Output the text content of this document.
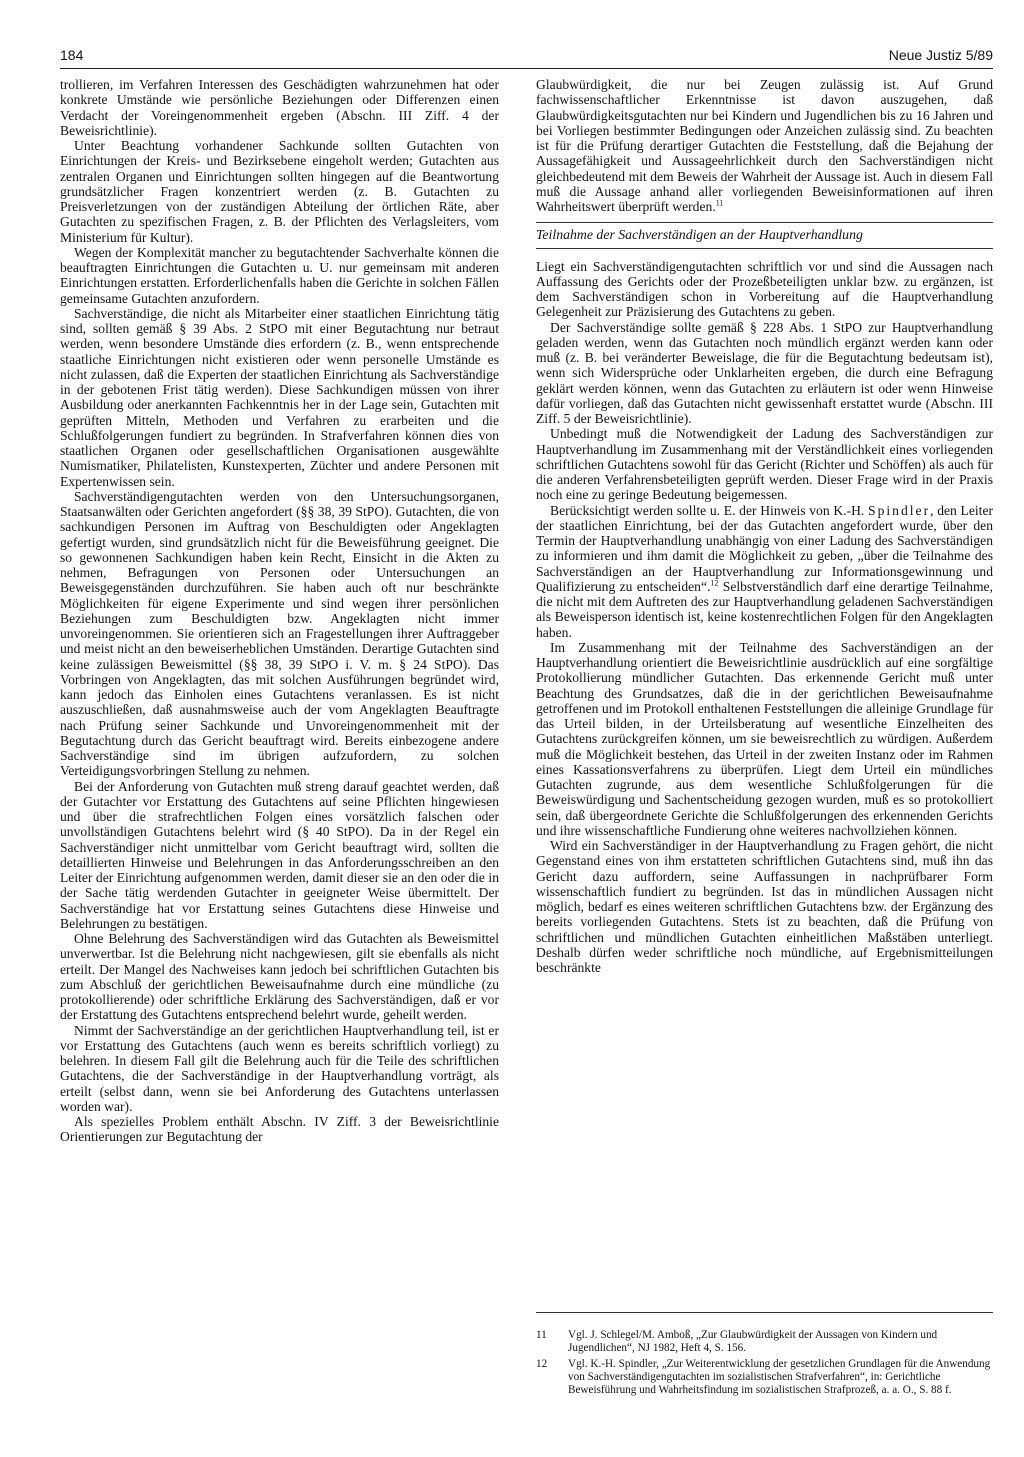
184	Neue Justiz 5/89

trollieren, im Verfahren Interessen des Geschädigten wahrzunehmen hat oder konkrete Umstände wie persönliche Beziehungen oder Differenzen einen Verdacht der Voreingenommenheit ergeben (Abschn. III Ziff. 4 der Beweisrichtlinie).

Unter Beachtung vorhandener Sachkunde sollten Gutachten von Einrichtungen der Kreis- und Bezirksebene eingeholt werden; Gutachten aus zentralen Organen und Einrichtungen sollten hingegen auf die Beantwortung grundsätzlicher Fragen konzentriert werden (z. B. Gutachten zu Preisverletzungen von der zuständigen Abteilung der örtlichen Räte, aber Gutachten zu spezifischen Fragen, z. B. der Pflichten des Verlagsleiters, vom Ministerium für Kultur).

Wegen der Komplexität mancher zu begutachtender Sachverhalte können die beauftragten Einrichtungen die Gutachten u. U. nur gemeinsam mit anderen Einrichtungen erstatten. Erforderlichenfalls haben die Gerichte in solchen Fällen gemeinsame Gutachten anzufordern.

Sachverständige, die nicht als Mitarbeiter einer staatlichen Einrichtung tätig sind, sollten gemäß § 39 Abs. 2 StPO mit einer Begutachtung nur betraut werden, wenn besondere Umstände dies erfordern (z. B., wenn entsprechende staatliche Einrichtungen nicht existieren oder wenn personelle Umstände es nicht zulassen, daß die Experten der staatlichen Einrichtung als Sachverständige in der gebotenen Frist tätig werden). Diese Sachkundigen müssen von ihrer Ausbildung oder anerkannten Fachkenntnis her in der Lage sein, Gutachten mit geprüften Mitteln, Methoden und Verfahren zu erarbeiten und die Schlußfolgerungen fundiert zu begründen. In Strafverfahren können dies von staatlichen Organen oder gesellschaftlichen Organisationen ausgewählte Numismatiker, Philatelisten, Kunstexperten, Züchter und andere Personen mit Expertenwissen sein.

Sachverständigengutachten werden von den Untersuchungsorganen, Staatsanwälten oder Gerichten angefordert (§§ 38, 39 StPO). Gutachten, die von sachkundigen Personen im Auftrag von Beschuldigten oder Angeklagten gefertigt wurden, sind grundsätzlich nicht für die Beweisführung geeignet. Die so gewonnenen Sachkundigen haben kein Recht, Einsicht in die Akten zu nehmen, Befragungen von Personen oder Untersuchungen an Beweisgegenständen durchzuführen. Sie haben auch oft nur beschränkte Möglichkeiten für eigene Experimente und sind wegen ihrer persönlichen Beziehungen zum Beschuldigten bzw. Angeklagten nicht immer unvoreingenommen. Sie orientieren sich an Fragestellungen ihrer Auftraggeber und meist nicht an den beweiserheblichen Umständen. Derartige Gutachten sind keine zulässigen Beweismittel (§§ 38, 39 StPO i. V. m. § 24 StPO). Das Vorbringen von Angeklagten, das mit solchen Ausführungen begründet wird, kann jedoch das Einholen eines Gutachtens veranlassen. Es ist nicht auszuschließen, daß ausnahmsweise auch der vom Angeklagten Beauftragte nach Prüfung seiner Sachkunde und Unvoreingenommenheit mit der Begutachtung durch das Gericht beauftragt wird. Bereits einbezogene andere Sachverständige sind im übrigen aufzufordern, zu solchen Verteidigungsvorbringen Stellung zu nehmen.

Bei der Anforderung von Gutachten muß streng darauf geachtet werden, daß der Gutachter vor Erstattung des Gutachtens auf seine Pflichten hingewiesen und über die strafrechtlichen Folgen eines vorsätzlich falschen oder unvollständigen Gutachtens belehrt wird (§ 40 StPO). Da in der Regel ein Sachverständiger nicht unmittelbar vom Gericht beauftragt wird, sollten die detaillierten Hinweise und Belehrungen in das Anforderungsschreiben an den Leiter der Einrichtung aufgenommen werden, damit dieser sie an den oder die in der Sache tätig werdenden Gutachter in geeigneter Weise übermittelt. Der Sachverständige hat vor Erstattung seines Gutachtens diese Hinweise und Belehrungen zu bestätigen.

Ohne Belehrung des Sachverständigen wird das Gutachten als Beweismittel unverwertbar. Ist die Belehrung nicht nachgewiesen, gilt sie ebenfalls als nicht erteilt. Der Mangel des Nachweises kann jedoch bei schriftlichen Gutachten bis zum Abschluß der gerichtlichen Beweisaufnahme durch eine mündliche (zu protokollierende) oder schriftliche Erklärung des Sachverständigen, daß er vor der Erstattung des Gutachtens entsprechend belehrt wurde, geheilt werden.

Nimmt der Sachverständige an der gerichtlichen Hauptverhandlung teil, ist er vor Erstattung des Gutachtens (auch wenn es bereits schriftlich vorliegt) zu belehren. In diesem Fall gilt die Belehrung auch für die Teile des schriftlichen Gutachtens, die der Sachverständige in der Hauptverhandlung vorträgt, als erteilt (selbst dann, wenn sie bei Anforderung des Gutachtens unterlassen worden war).

Als spezielles Problem enthält Abschn. IV Ziff. 3 der Beweisrichtlinie Orientierungen zur Begutachtung der

Glaubwürdigkeit, die nur bei Zeugen zulässig ist. Auf Grund fachwissenschaftlicher Erkenntnisse ist davon auszugehen, daß Glaubwürdigkeitsgutachten nur bei Kindern und Jugendlichen bis zu 16 Jahren und bei Vorliegen bestimmter Bedingungen oder Anzeichen zulässig sind. Zu beachten ist für die Prüfung derartiger Gutachten die Feststellung, daß die Bejahung der Aussagefähigkeit und Aussageehrlichkeit durch den Sachverständigen nicht gleichbedeutend mit dem Beweis der Wahrheit der Aussage ist. Auch in diesem Fall muß die Aussage anhand aller vorliegenden Beweisinformationen auf ihren Wahrheitswert überprüft werden.$^{11}$

Teilnahme der Sachverständigen an der Hauptverhandlung

Liegt ein Sachverständigengutachten schriftlich vor und sind die Aussagen nach Auffassung des Gerichts oder der Prozeßbeteiligten unklar bzw. zu ergänzen, ist dem Sachverständigen schon in Vorbereitung auf die Hauptverhandlung Gelegenheit zur Präzisierung des Gutachtens zu geben.

Der Sachverständige sollte gemäß § 228 Abs. 1 StPO zur Hauptverhandlung geladen werden, wenn das Gutachten noch mündlich ergänzt werden kann oder muß (z. B. bei veränderter Beweislage, die für die Begutachtung bedeutsam ist), wenn sich Widersprüche oder Unklarheiten ergeben, die durch eine Befragung geklärt werden können, wenn das Gutachten zu erläutern ist oder wenn Hinweise dafür vorliegen, daß das Gutachten nicht gewissenhaft erstattet wurde (Abschn. III Ziff. 5 der Beweisrichtlinie).

Unbedingt muß die Notwendigkeit der Ladung des Sachverständigen zur Hauptverhandlung im Zusammenhang mit der Verständlichkeit eines vorliegenden schriftlichen Gutachtens sowohl für das Gericht (Richter und Schöffen) als auch für die anderen Verfahrensbeteiligten geprüft werden. Dieser Frage wird in der Praxis noch eine zu geringe Bedeutung beigemessen.

Berücksichtigt werden sollte u. E. der Hinweis von K.-H. Spindler, den Leiter der staatlichen Einrichtung, bei der das Gutachten angefordert wurde, über den Termin der Hauptverhandlung unabhängig von einer Ladung des Sachverständigen zu informieren und ihm damit die Möglichkeit zu geben, „über die Teilnahme des Sachverständigen an der Hauptverhandlung zur Informationsgewinnung und Qualifizierung zu entscheiden“.$^{12}$ Selbstverständlich darf eine derartige Teilnahme, die nicht mit dem Auftreten des zur Hauptverhandlung geladenen Sachverständigen als Beweisperson identisch ist, keine kostenrechtlichen Folgen für den Angeklagten haben.

Im Zusammenhang mit der Teilnahme des Sachverständigen an der Hauptverhandlung orientiert die Beweisrichtlinie ausdrücklich auf eine sorgfältige Protokollierung mündlicher Gutachten. Das erkennende Gericht muß unter Beachtung des Grundsatzes, daß die in der gerichtlichen Beweisaufnahme getroffenen und im Protokoll enthaltenen Feststellungen die alleinige Grundlage für das Urteil bilden, in der Urteilsberatung auf wesentliche Einzelheiten des Gutachtens zurückgreifen können, um sie beweisrechtlich zu würdigen. Außerdem muß die Möglichkeit bestehen, das Urteil in der zweiten Instanz oder im Rahmen eines Kassationsverfahrens zu überprüfen. Liegt dem Urteil ein mündliches Gutachten zugrunde, aus dem wesentliche Schlußfolgerungen für die Beweiswürdigung und Sachentscheidung gezogen wurden, muß es so protokolliert sein, daß übergeordnete Gerichte die Schlußfolgerungen des erkennenden Gerichts und ihre wissenschaftliche Fundierung ohne weiteres nachvollziehen können.

Wird ein Sachverständiger in der Hauptverhandlung zu Fragen gehört, die nicht Gegenstand eines von ihm erstatteten schriftlichen Gutachtens sind, muß ihn das Gericht dazu auffordern, seine Auffassungen in nachprüfbarer Form wissenschaftlich fundiert zu begründen. Ist das in mündlichen Aussagen nicht möglich, bedarf es eines weiteren schriftlichen Gutachtens bzw. der Ergänzung des bereits vorliegenden Gutachtens. Stets ist zu beachten, daß die Prüfung von schriftlichen und mündlichen Gutachten einheitlichen Maßstäben unterliegt. Deshalb dürfen weder schriftliche noch mündliche, auf Ergebnismitteilungen beschränkte

11 Vgl. J. Schlegel/M. Amboß, „Zur Glaubwürdigkeit der Aussagen von Kindern und Jugendlichen“, NJ 1982, Heft 4, S. 156.
12 Vgl. K.-H. Spindler, „Zur Weiterentwicklung der gesetzlichen Grundlagen für die Anwendung von Sachverständigengutachten im sozialistischen Strafverfahren“, in: Gerichtliche Beweisführung und Wahrheitsfindung im sozialistischen Strafprozeß, a. a. O., S. 88 f.
